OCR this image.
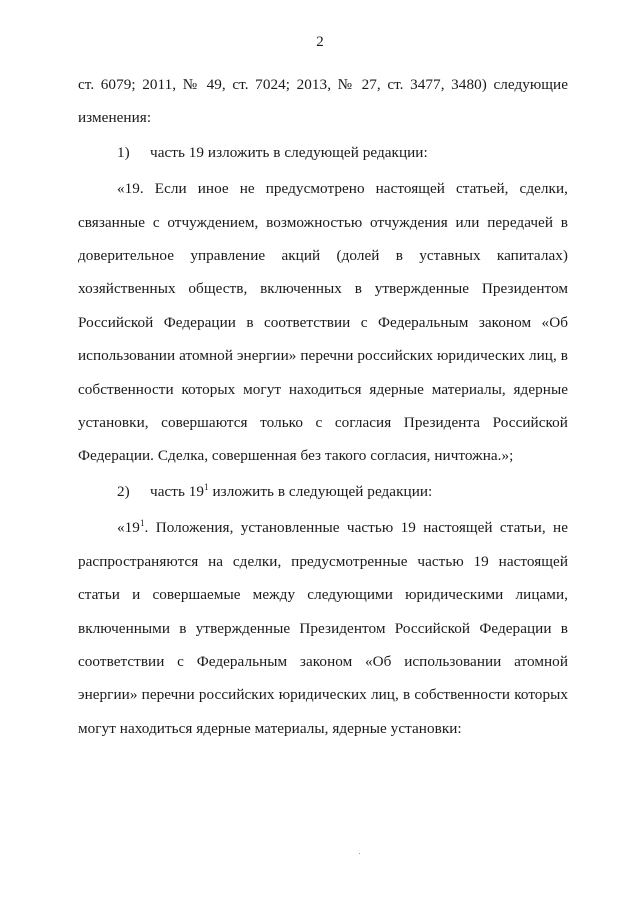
2

ст. 6079; 2011, № 49, ст. 7024; 2013, № 27, ст. 3477, 3480) следующие изменения:

1) часть 19 изложить в следующей редакции:

«19. Если иное не предусмотрено настоящей статьей, сделки, связанные с отчуждением, возможностью отчуждения или передачей в доверительное управление акций (долей в уставных капиталах) хозяйственных обществ, включенных в утвержденные Президентом Российской Федерации в соответствии с Федеральным законом «Об использовании атомной энергии» перечни российских юридических лиц, в собственности которых могут находиться ядерные материалы, ядерные установки, совершаются только с согласия Президента Российской Федерации. Сделка, совершенная без такого согласия, ничтожна.»;

2) часть $19^1$ изложить в следующей редакции:

«$19^1$. Положения, установленные частью 19 настоящей статьи, не распространяются на сделки, предусмотренные частью 19 настоящей статьи и совершаемые между следующими юридическими лицами, включенными в утвержденные Президентом Российской Федерации в соответствии с Федеральным законом «Об использовании атомной энергии» перечни российских юридических лиц, в собственности которых могут находиться ядерные материалы, ядерные установки:
